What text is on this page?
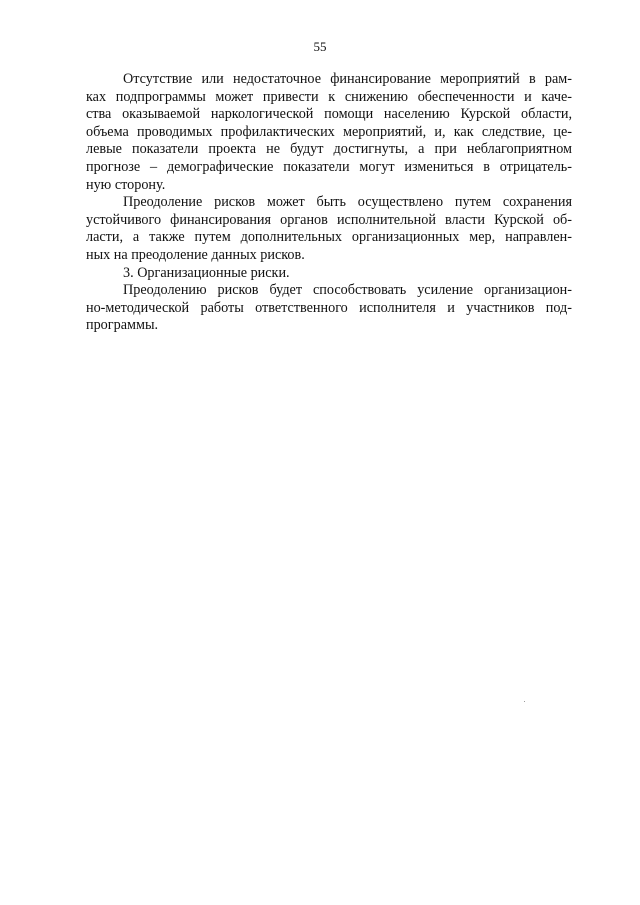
55
Отсутствие или недостаточное финансирование мероприятий в рам-
ках подпрограммы может привести к снижению обеспеченности и каче-
ства оказываемой наркологической помощи населению Курской области,
объема проводимых профилактических мероприятий, и, как следствие, це-
левые показатели проекта не будут достигнуты, а при неблагоприятном
прогнозе – демографические показатели могут измениться в отрицатель-
ную сторону.
Преодоление рисков может быть осуществлено путем сохранения
устойчивого финансирования органов исполнительной власти Курской об-
ласти, а также путем дополнительных организационных мер, направлен-
ных на преодоление данных рисков.
3. Организационные риски.
Преодолению рисков будет способствовать усиление организацион-
но-методической работы ответственного исполнителя и участников под-
программы.
